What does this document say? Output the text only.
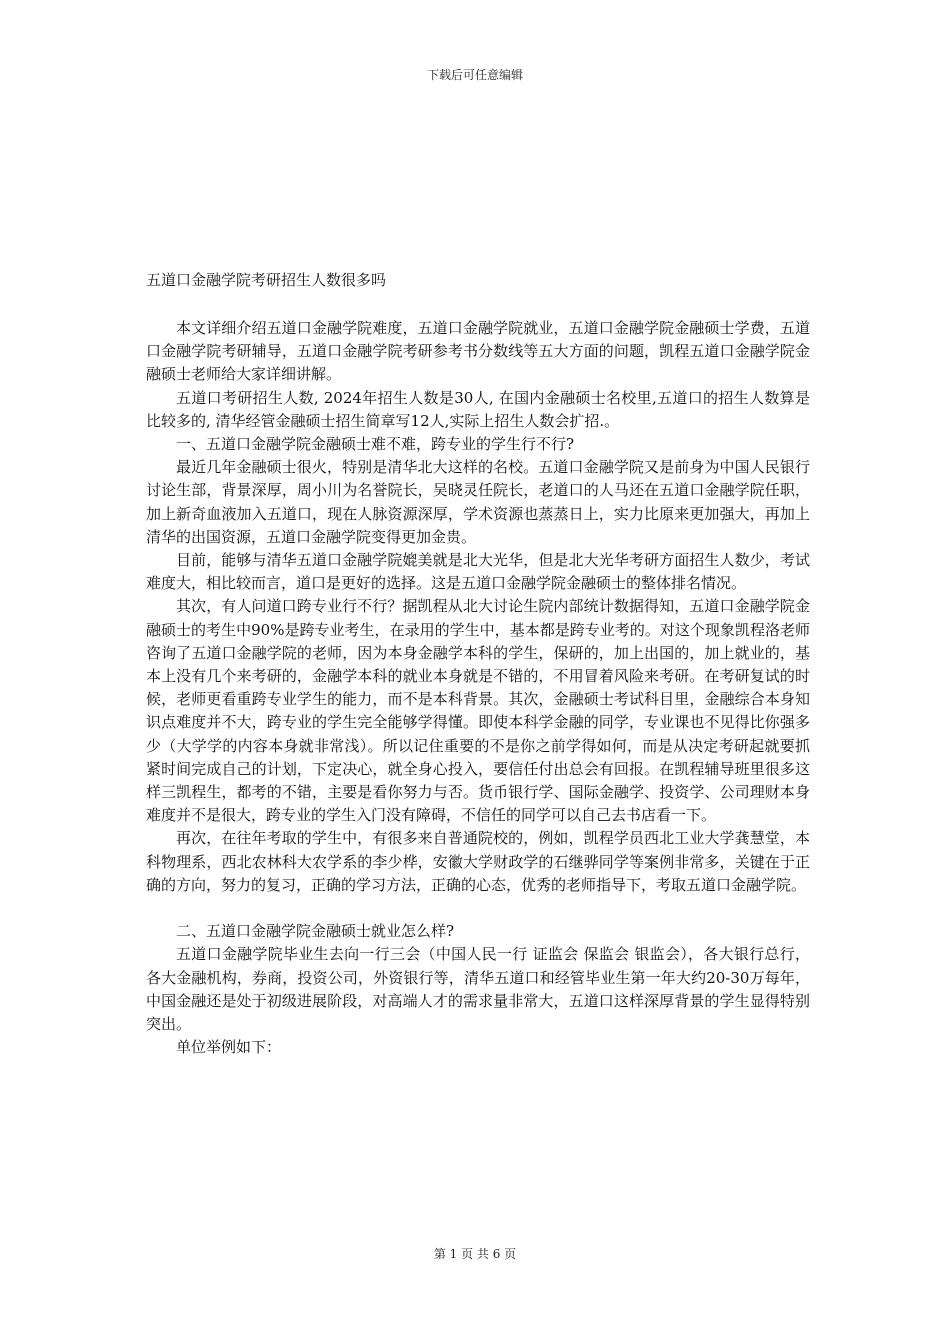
下载后可任意编辑
五道口金融学院考研招生人数很多吗

本文详细介绍五道口金融学院难度，五道口金融学院就业，五道口金融学院金融硕士学费，五道口金融学院考研辅导，五道口金融学院考研参考书分数线等五大方面的问题，凯程五道口金融学院金融硕士老师给大家详细讲解。

五道口考研招生人数, 2024年招生人数是30人, 在国内金融硕士名校里,五道口的招生人数算是比较多的, 清华经管金融硕士招生简章写12人,实际上招生人数会扩招.。

一、五道口金融学院金融硕士难不难，跨专业的学生行不行?

最近几年金融硕士很火，特别是清华北大这样的名校。五道口金融学院又是前身为中国人民银行讨论生部，背景深厚，周小川为名誉院长，吴晓灵任院长，老道口的人马还在五道口金融学院任职，加上新奇血液加入五道口，现在人脉资源深厚，学术资源也蒸蒸日上，实力比原来更加强大，再加上清华的出国资源，五道口金融学院变得更加金贵。

目前，能够与清华五道口金融学院媲美就是北大光华，但是北大光华考研方面招生人数少，考试难度大，相比较而言，道口是更好的选择。这是五道口金融学院金融硕士的整体排名情况。

其次，有人问道口跨专业行不行？据凯程从北大讨论生院内部统计数据得知，五道口金融学院金融硕士的考生中90%是跨专业考生，在录用的学生中，基本都是跨专业考的。对这个现象凯程洛老师咨询了五道口金融学院的老师，因为本身金融学本科的学生，保研的，加上出国的，加上就业的，基本上没有几个来考研的，金融学本科的就业本身就是不错的，不用冒着风险来考研。在考研复试的时候，老师更看重跨专业学生的能力，而不是本科背景。其次，金融硕士考试科目里，金融综合本身知识点难度并不大，跨专业的学生完全能够学得懂。即使本科学金融的同学，专业课也不见得比你强多少（大学学的内容本身就非常浅）。所以记住重要的不是你之前学得如何，而是从决定考研起就要抓紧时间完成自己的计划，下定决心，就全身心投入，要信任付出总会有回报。在凯程辅导班里很多这样三凯程生，都考的不错，主要是看你努力与否。货币银行学、国际金融学、投资学、公司理财本身难度并不是很大，跨专业的学生入门没有障碍，不信任的同学可以自己去书店看一下。

再次，在往年考取的学生中，有很多来自普通院校的，例如，凯程学员西北工业大学龚慧堂，本科物理系，西北农林科大农学系的李少桦，安徽大学财政学的石继骅同学等案例非常多，关键在于正确的方向，努力的复习，正确的学习方法，正确的心态，优秀的老师指导下，考取五道口金融学院。

二、五道口金融学院金融硕士就业怎么样?

五道口金融学院毕业生去向一行三会（中国人民一行 证监会 保监会 银监会），各大银行总行，各大金融机构，券商，投资公司，外资银行等，清华五道口和经管毕业生第一年大约20-30万每年，中国金融还是处于初级进展阶段，对高端人才的需求量非常大，五道口这样深厚背景的学生显得特别突出。

单位举例如下：

第 1 页 共 6 页
